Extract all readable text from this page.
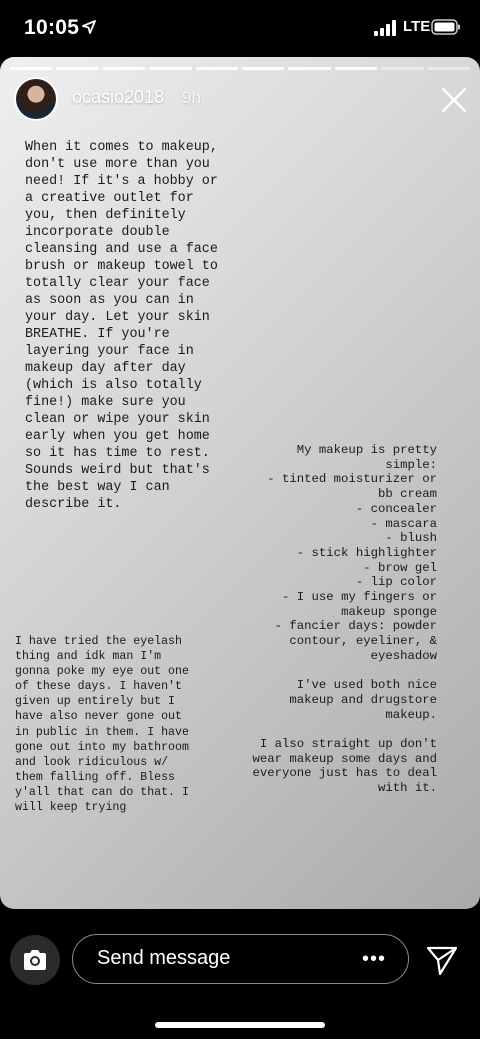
10:05	LTE
ocasio2018 9h
When it comes to makeup,
don't use more than you
need! If it's a hobby or
a creative outlet for
you, then definitely
incorporate double
cleansing and use a face
brush or makeup towel to
totally clear your face
as soon as you can in
your day. Let your skin
BREATHE. If you're
layering your face in
makeup day after day
(which is also totally
fine!) make sure you
clean or wipe your skin
early when you get home
so it has time to rest.
Sounds weird but that's
the best way I can
describe it.
My makeup is pretty
simple:
- tinted moisturizer or
bb cream
- concealer
- mascara
- blush
- stick highlighter
- brow gel
- lip color
- I use my fingers or
makeup sponge
- fancier days: powder
contour, eyeliner, &
eyeshadow

I've used both nice
makeup and drugstore
makeup.

I also straight up don't
wear makeup some days and
everyone just has to deal
with it.
I have tried the eyelash
thing and idk man I'm
gonna poke my eye out one
of these days. I haven't
given up entirely but I
have also never gone out
in public in them. I have
gone out into my bathroom
and look ridiculous w/
them falling off. Bless
y'all that can do that. I
will keep trying
Send message	•••
